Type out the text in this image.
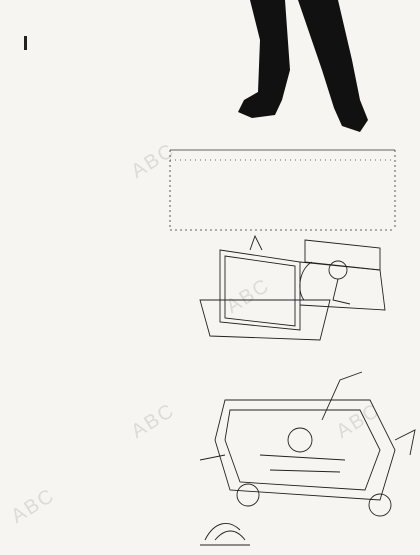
ABC
ABC
ABC	ABC
ABC
